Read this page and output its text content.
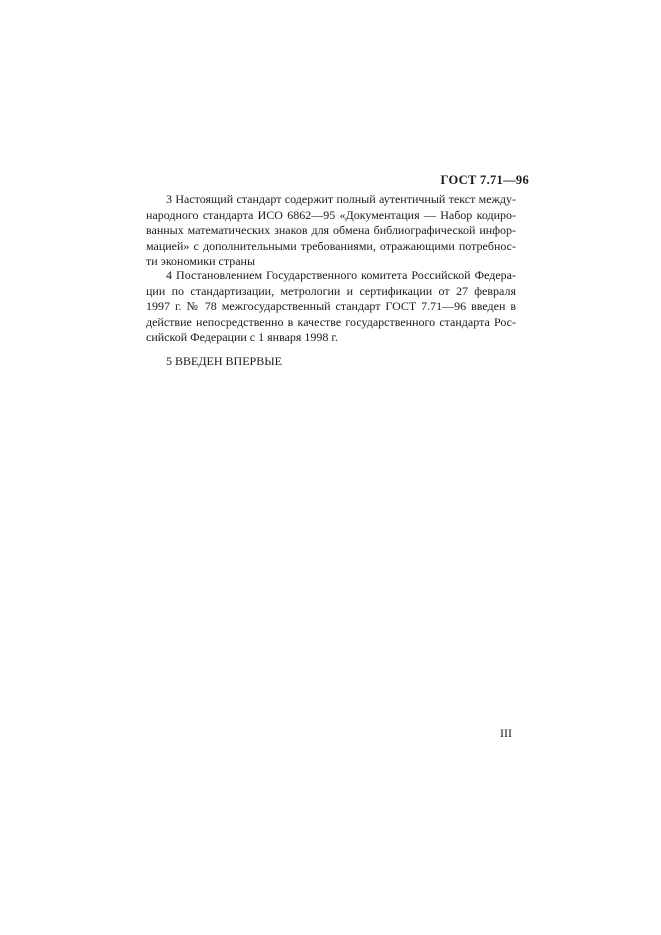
ГОСТ 7.71—96
3 Настоящий стандарт содержит полный аутентичный текст между-
народного стандарта ИСО 6862—95 «Документация — Набор кодиро-
ванных математических знаков для обмена библиографической инфор-
мацией» с дополнительными требованиями, отражающими потребнос-
ти экономики страны
4 Постановлением Государственного комитета Российской Федера-
ции по стандартизации, метрологии и сертификации от 27 февраля
1997 г. № 78 межгосударственный стандарт ГОСТ 7.71—96 введен в
действие непосредственно в качестве государственного стандарта Рос-
сийской Федерации с 1 января 1998 г.
5 ВВЕДЕН ВПЕРВЫЕ
III
